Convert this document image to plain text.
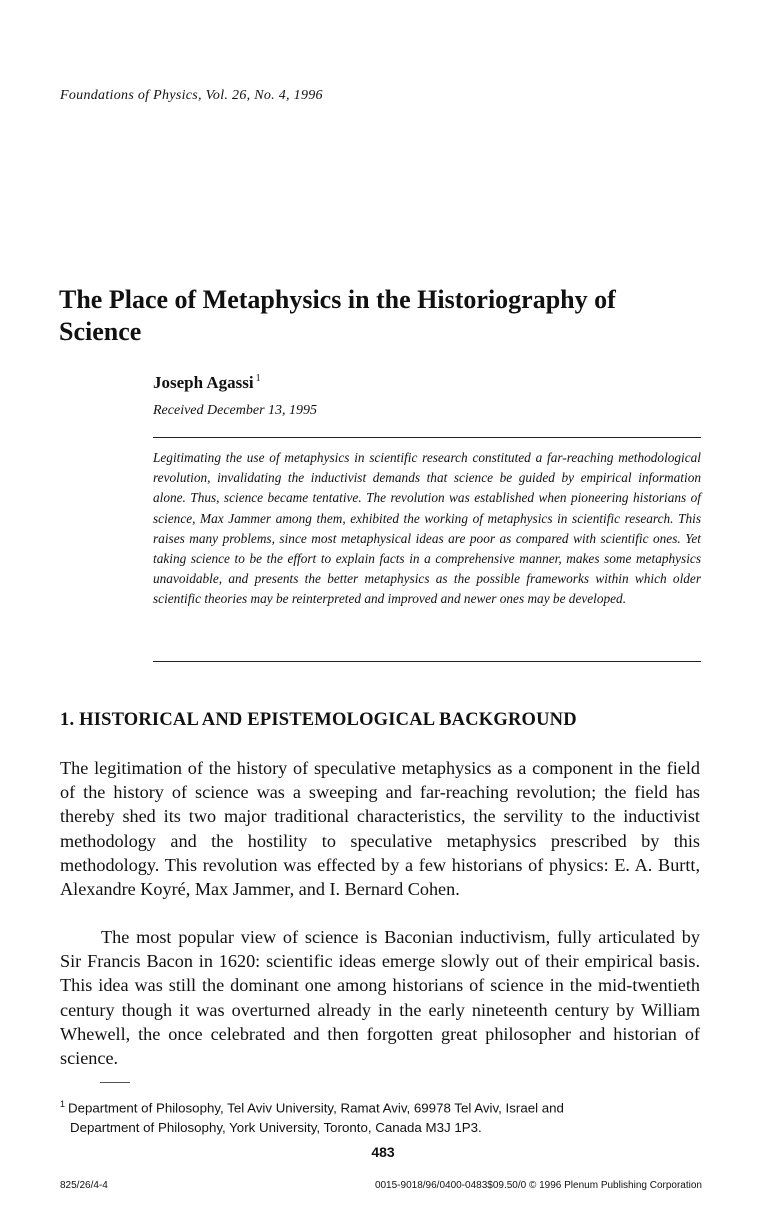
Foundations of Physics, Vol. 26, No. 4, 1996
The Place of Metaphysics in the Historiography of Science
Joseph Agassi $^1$
Received December 13, 1995
Legitimating the use of metaphysics in scientific research constituted a far-reaching methodological revolution, invalidating the inductivist demands that science be guided by empirical information alone. Thus, science became tentative. The revolution was established when pioneering historians of science, Max Jammer among them, exhibited the working of metaphysics in scientific research. This raises many problems, since most metaphysical ideas are poor as compared with scientific ones. Yet taking science to be the effort to explain facts in a comprehensive manner, makes some metaphysics unavoidable, and presents the better metaphysics as the possible frameworks within which older scientific theories may be reinterpreted and improved and newer ones may be developed.
1. HISTORICAL AND EPISTEMOLOGICAL BACKGROUND

The legitimation of the history of speculative metaphysics as a component in the field of the history of science was a sweeping and far-reaching revolution; the field has thereby shed its two major traditional characteristics, the servility to the inductivist methodology and the hostility to speculative metaphysics prescribed by this methodology. This revolution was effected by a few historians of physics: E. A. Burtt, Alexandre Koyré, Max Jammer, and I. Bernard Cohen.

The most popular view of science is Baconian inductivism, fully articulated by Sir Francis Bacon in 1620: scientific ideas emerge slowly out of their empirical basis. This idea was still the dominant one among historians of science in the mid-twentieth century though it was overturned already in the early nineteenth century by William Whewell, the once celebrated and then forgotten great philosopher and historian of science.

$^1$ Department of Philosophy, Tel Aviv University, Ramat Aviv, 69978 Tel Aviv, Israel and
Department of Philosophy, York University, Toronto, Canada M3J 1P3.
483
825/26/4-4	0015-9018/96/0400-0483$09.50/0 © 1996 Plenum Publishing Corporation
